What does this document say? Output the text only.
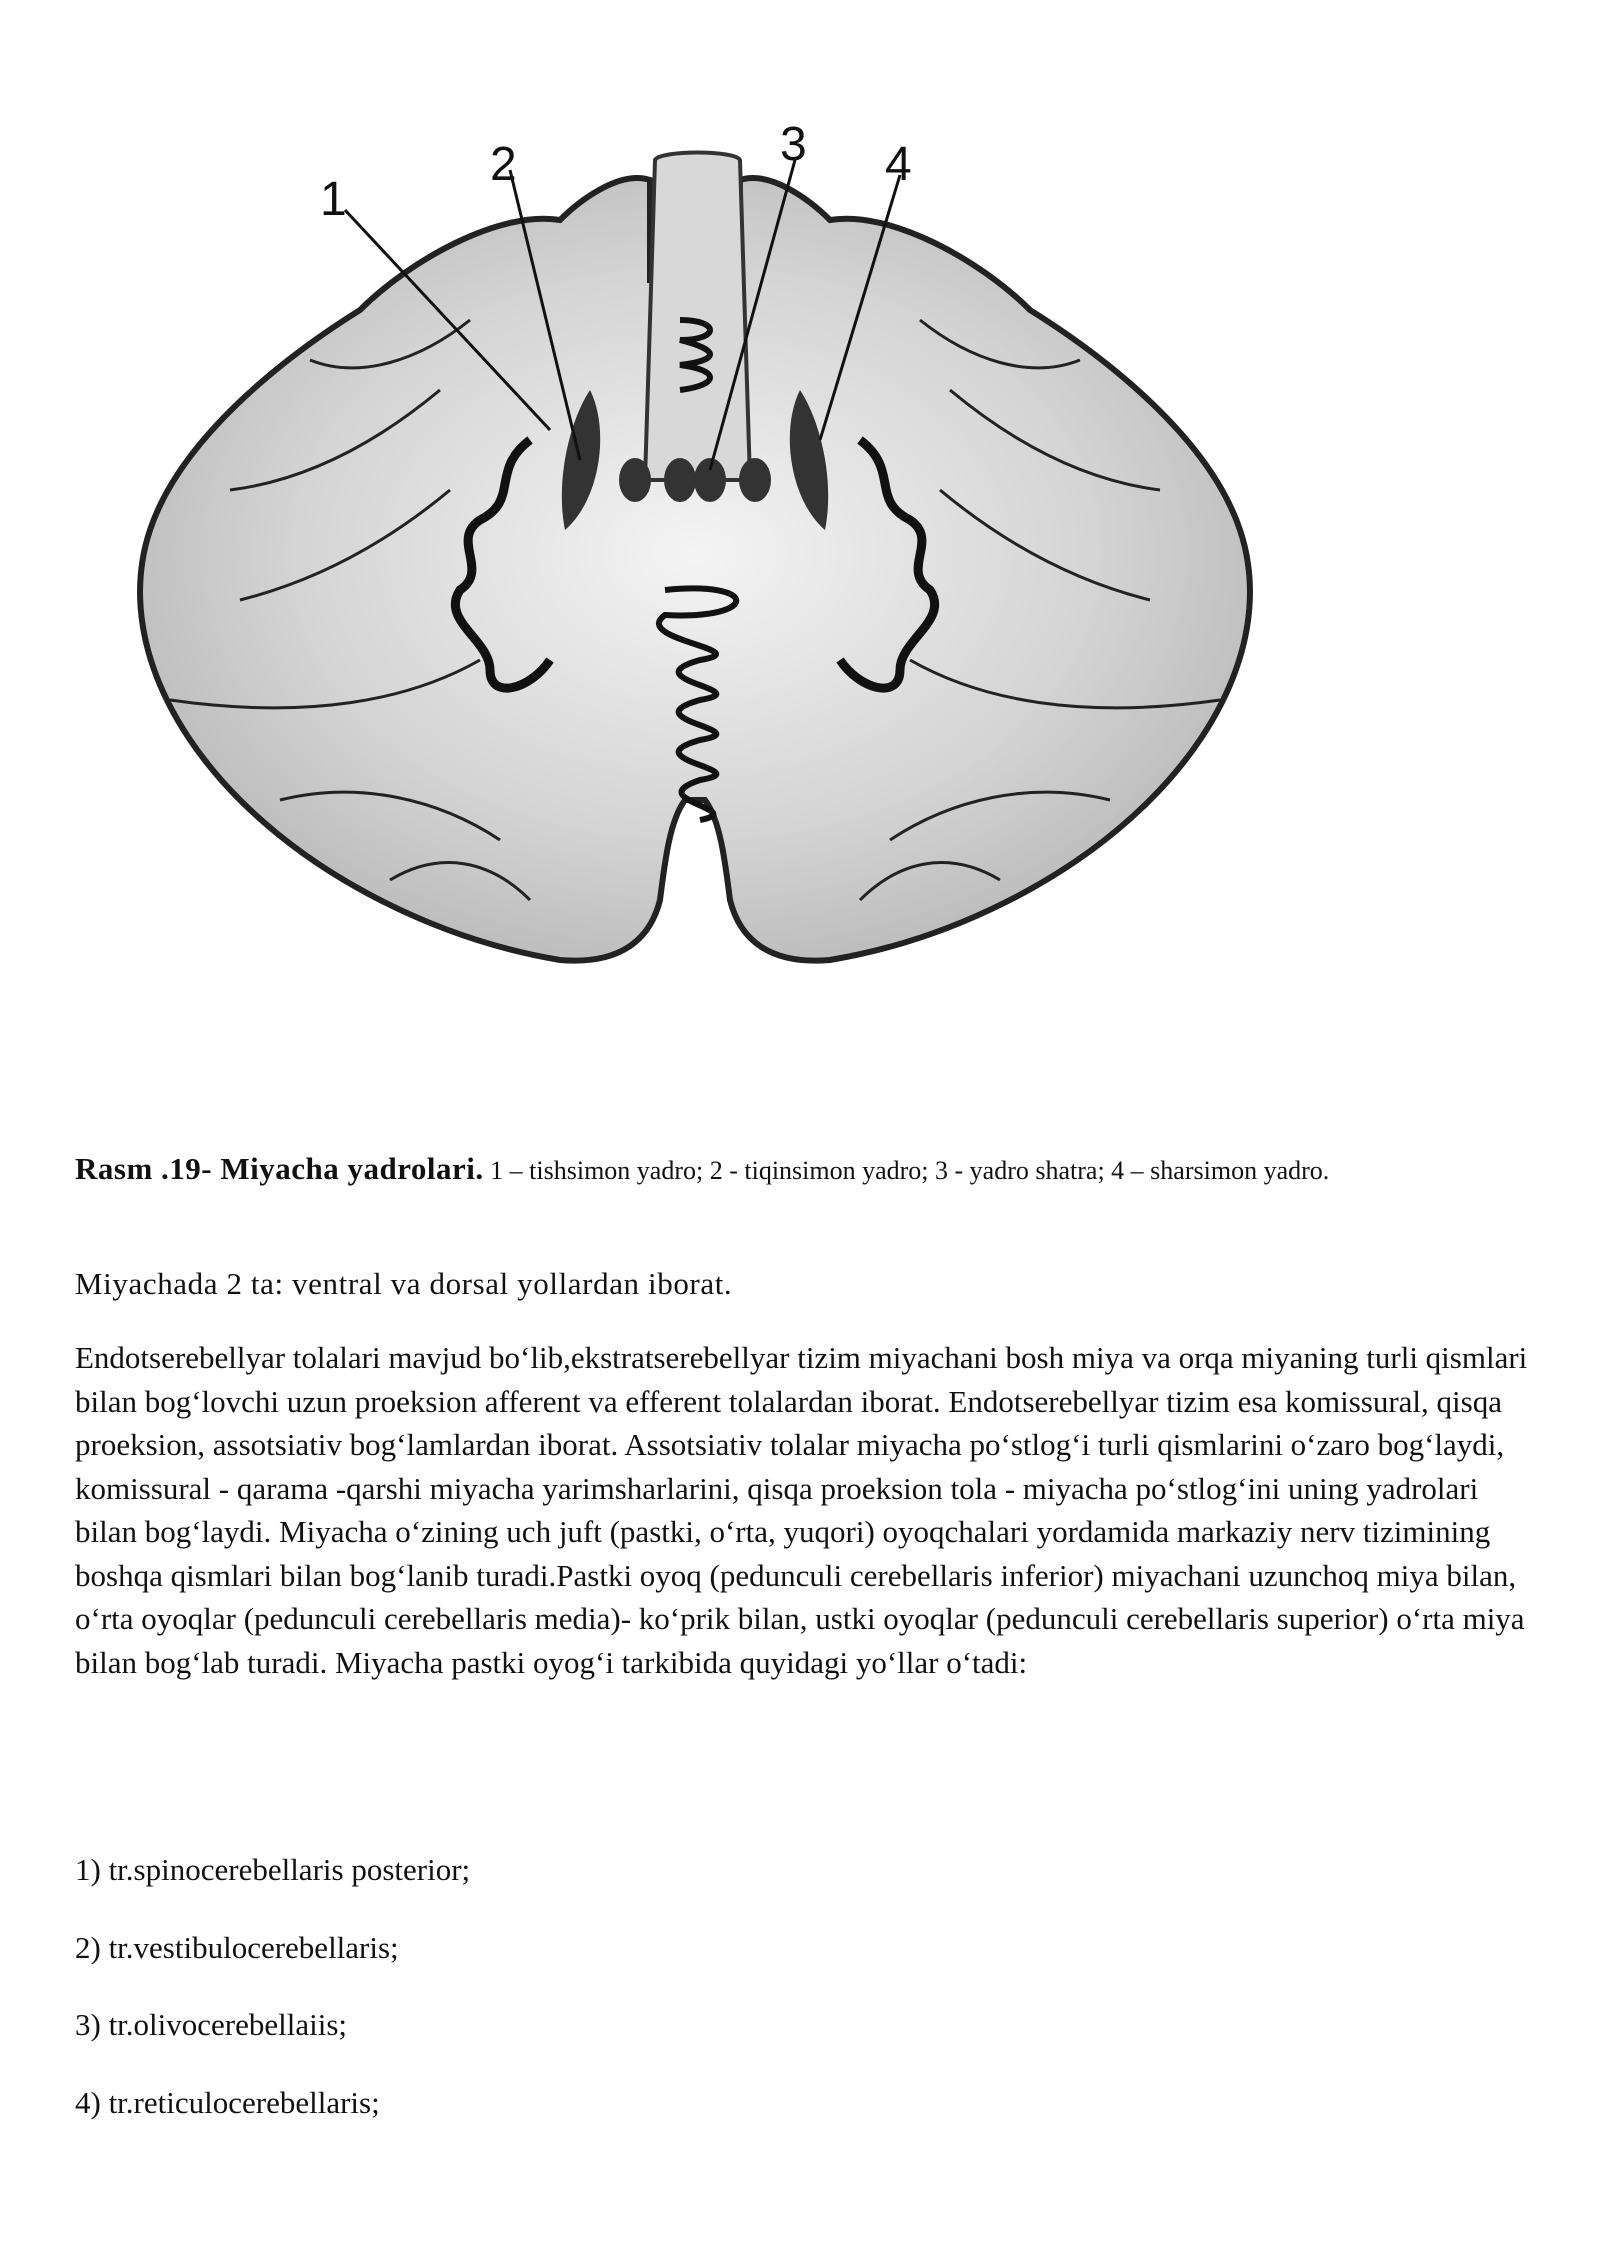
1
2	3 4
Rasm .19- Miyacha yadrolari. 1 – tishsimon yadro; 2 - tiqinsimon yadro; 3 - yadro shatra; 4 – sharsimon yadro.

Miyachada 2 ta: ventral va dorsal yollardan iborat.

Endotserebellyar tolalari mavjud bo‘lib,ekstratserebellyar tizim miyachani bosh miya va orqa miyaning turli qismlari bilan bog‘lovchi uzun proeksion afferent va efferent tolalardan iborat. Endotserebellyar tizim esa komissural, qisqa proeksion, assotsiativ bog‘lamlardan iborat. Assotsiativ tolalar miyacha po‘stlog‘i turli qismlarini o‘zaro bog‘laydi, komissural - qarama -qarshi miyacha yarimsharlarini, qisqa proeksion tola - miyacha po‘stlog‘ini uning yadrolari bilan bog‘laydi. Miyacha o‘zining uch juft (pastki, o‘rta, yuqori) oyoqchalari yordamida markaziy nerv tizimining boshqa qismlari bilan bog‘lanib turadi.Pastki oyoq (pedunculi cerebellaris inferior) miyachani uzunchoq miya bilan, o‘rta oyoqlar (pedunculi cerebellaris media)- ko‘prik bilan, ustki oyoqlar (pedunculi cerebellaris superior) o‘rta miya bilan bog‘lab turadi. Miyacha pastki oyog‘i tarkibida quyidagi yo‘llar o‘tadi:

1) tr.spinocerebellaris posterior;

2) tr.vestibulocerebellaris;

3) tr.olivocerebellaiis;

4) tr.reticulocerebellaris;
